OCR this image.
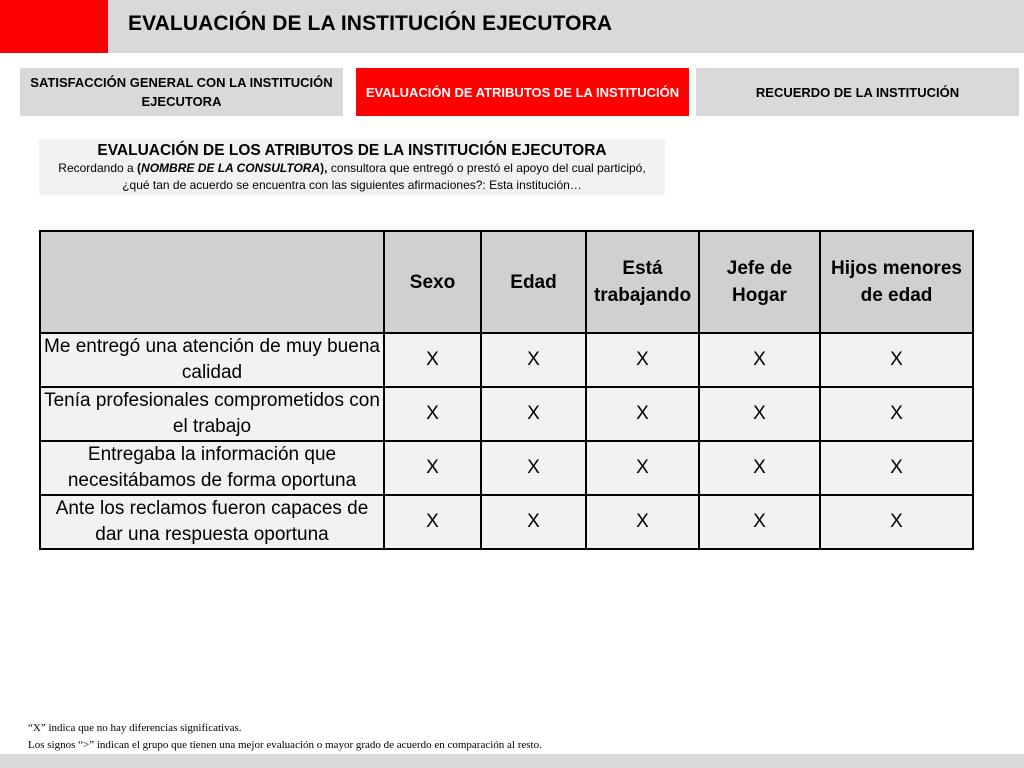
EVALUACIÓN DE LA INSTITUCIÓN EJECUTORA
SATISFACCIÓN GENERAL CON LA INSTITUCIÓN EJECUTORA
EVALUACIÓN DE ATRIBUTOS DE LA INSTITUCIÓN	RECUERDO DE LA INSTITUCIÓN
EVALUACIÓN DE LOS ATRIBUTOS DE LA INSTITUCIÓN EJECUTORA
Recordando a (NOMBRE DE LA CONSULTORA), consultora que entregó o prestó el apoyo del cual participó, ¿qué tan de acuerdo se encuentra con las siguientes afirmaciones?: Esta institución…
	Sexo	Edad	Está trabajando	Jefe de Hogar	Hijos menores de edad
Me entregó una atención de muy buena calidad	X	X	X	X	X
Tenía profesionales comprometidos con el trabajo	X	X	X	X	X
Entregaba la información que necesitábamos de forma oportuna	X	X	X	X	X
Ante los reclamos fueron capaces de dar una respuesta oportuna	X	X	X	X	X
“X” indica que no hay diferencias significativas.
Los signos “>” indican el grupo que tienen una mejor evaluación o mayor grado de acuerdo en comparación al resto.
